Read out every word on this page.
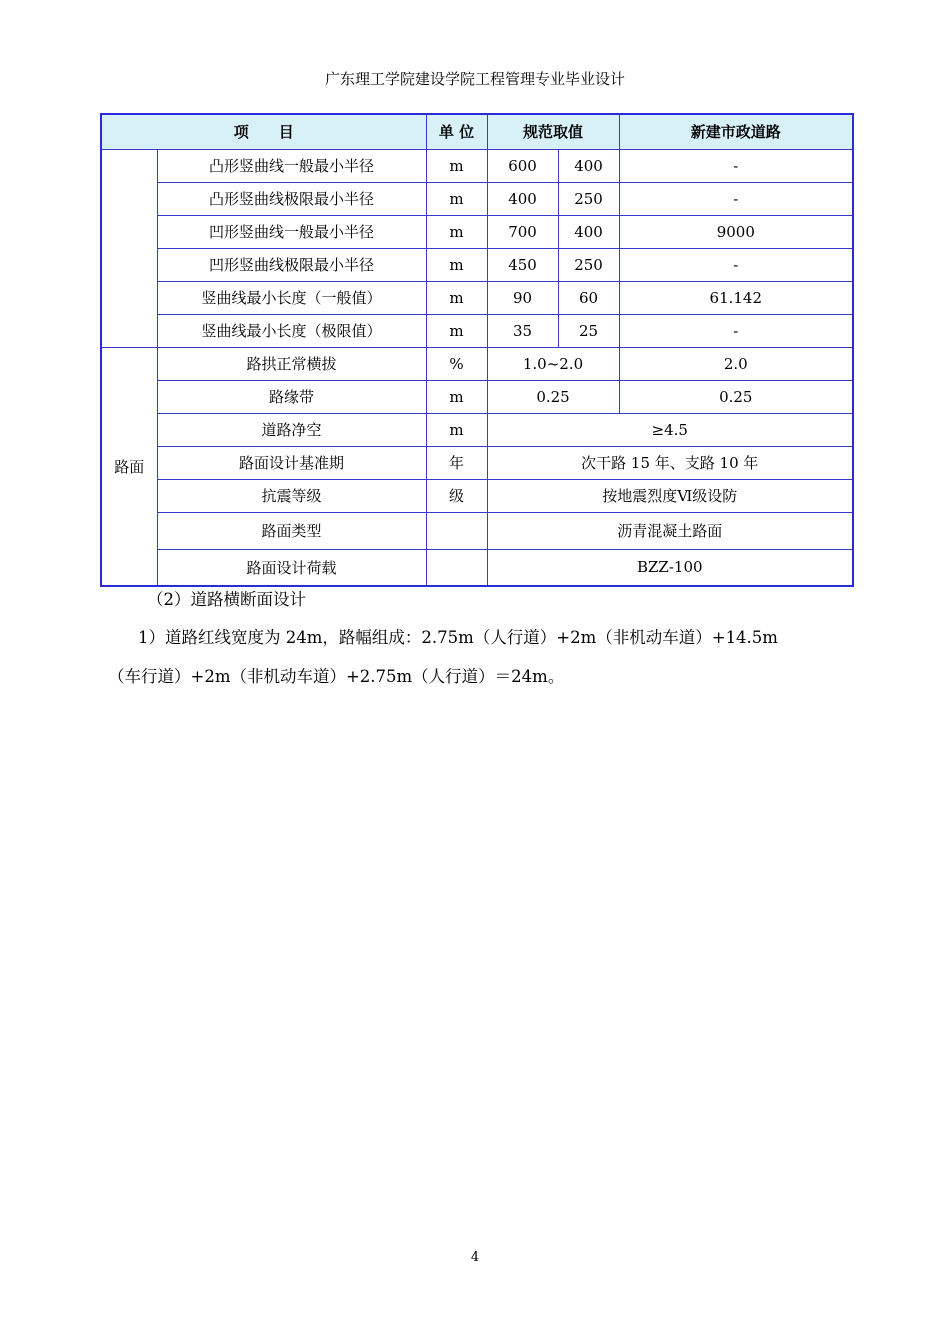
广东理工学院建设学院工程管理专业毕业设计
项　　目		单 位	规范取值		新建市政道路
	凸形竖曲线一般最小半径	m	600	400	-
	凸形竖曲线极限最小半径	m	400	250	-
	凹形竖曲线一般最小半径	m	700	400	9000
	凹形竖曲线极限最小半径	m	450	250	-
	竖曲线最小长度（一般值）	m	90	60	61.142
	竖曲线最小长度（极限值）	m	35	25	-
路面	路拱正常横拔	%	1.0~2.0		2.0
	路缘带	m	0.25		0.25
	道路净空	m	≥4.5		
	路面设计基准期	年	次干路 15 年、支路 10 年		
	抗震等级	级	按地震烈度Ⅵ级设防		
	路面类型		沥青混凝土路面		
	路面设计荷载		BZZ-100		
（2）道路横断面设计
1）道路红线宽度为 24m，路幅组成：2.75m（人行道）+2m（非机动车道）+14.5m
（车行道）+2m（非机动车道）+2.75m（人行道）＝24m。
4
